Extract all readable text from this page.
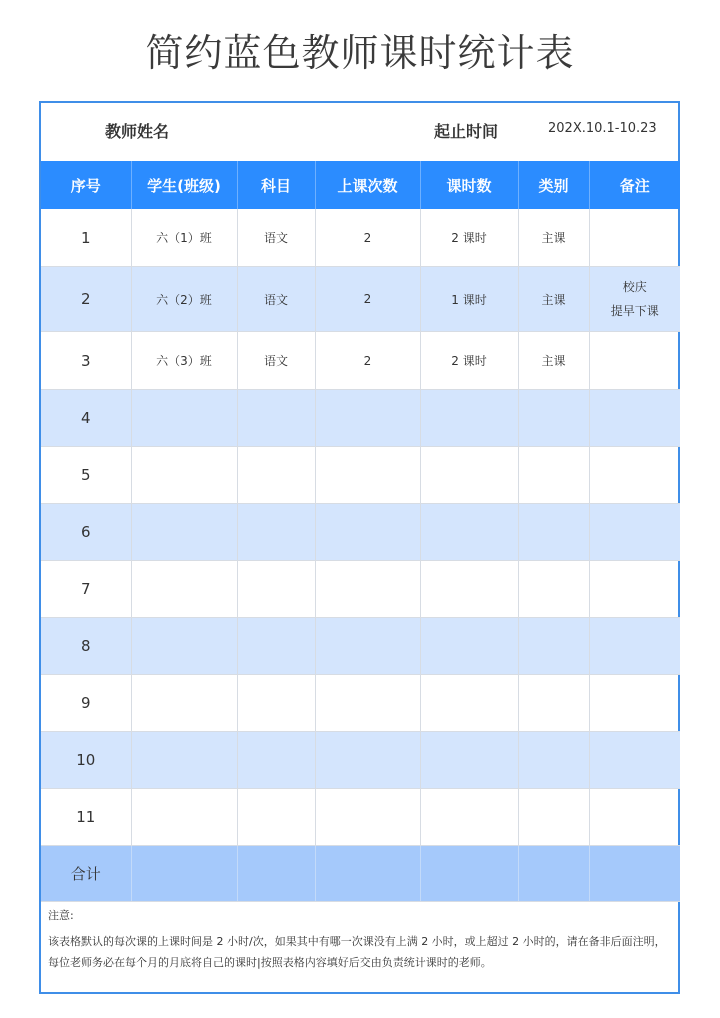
简约蓝色教师课时统计表
教师姓名	起止时间	202X.10.1-10.23
序号	学生(班级)	科目	上课次数	课时数	类别	备注
1	六（1）班	语文	2	2 课时	主课	

2	六（2）班	语文	2	1 课时	主课	校庆
提早下课

3	六（3）班	语文	2	2 课时	主课	

4						
5						
6						
7						
8						
9						
10						
11						
合计						
注意:
该表格默认的每次课的上课时间是 2 小时/次，如果其中有哪一次课没有上满 2 小时，或上超过 2 小时的，请在备非后面注明，每位老师务必在每个月的月底将自己的课时|按照表格内容填好后交由负责统计课时的老师。
